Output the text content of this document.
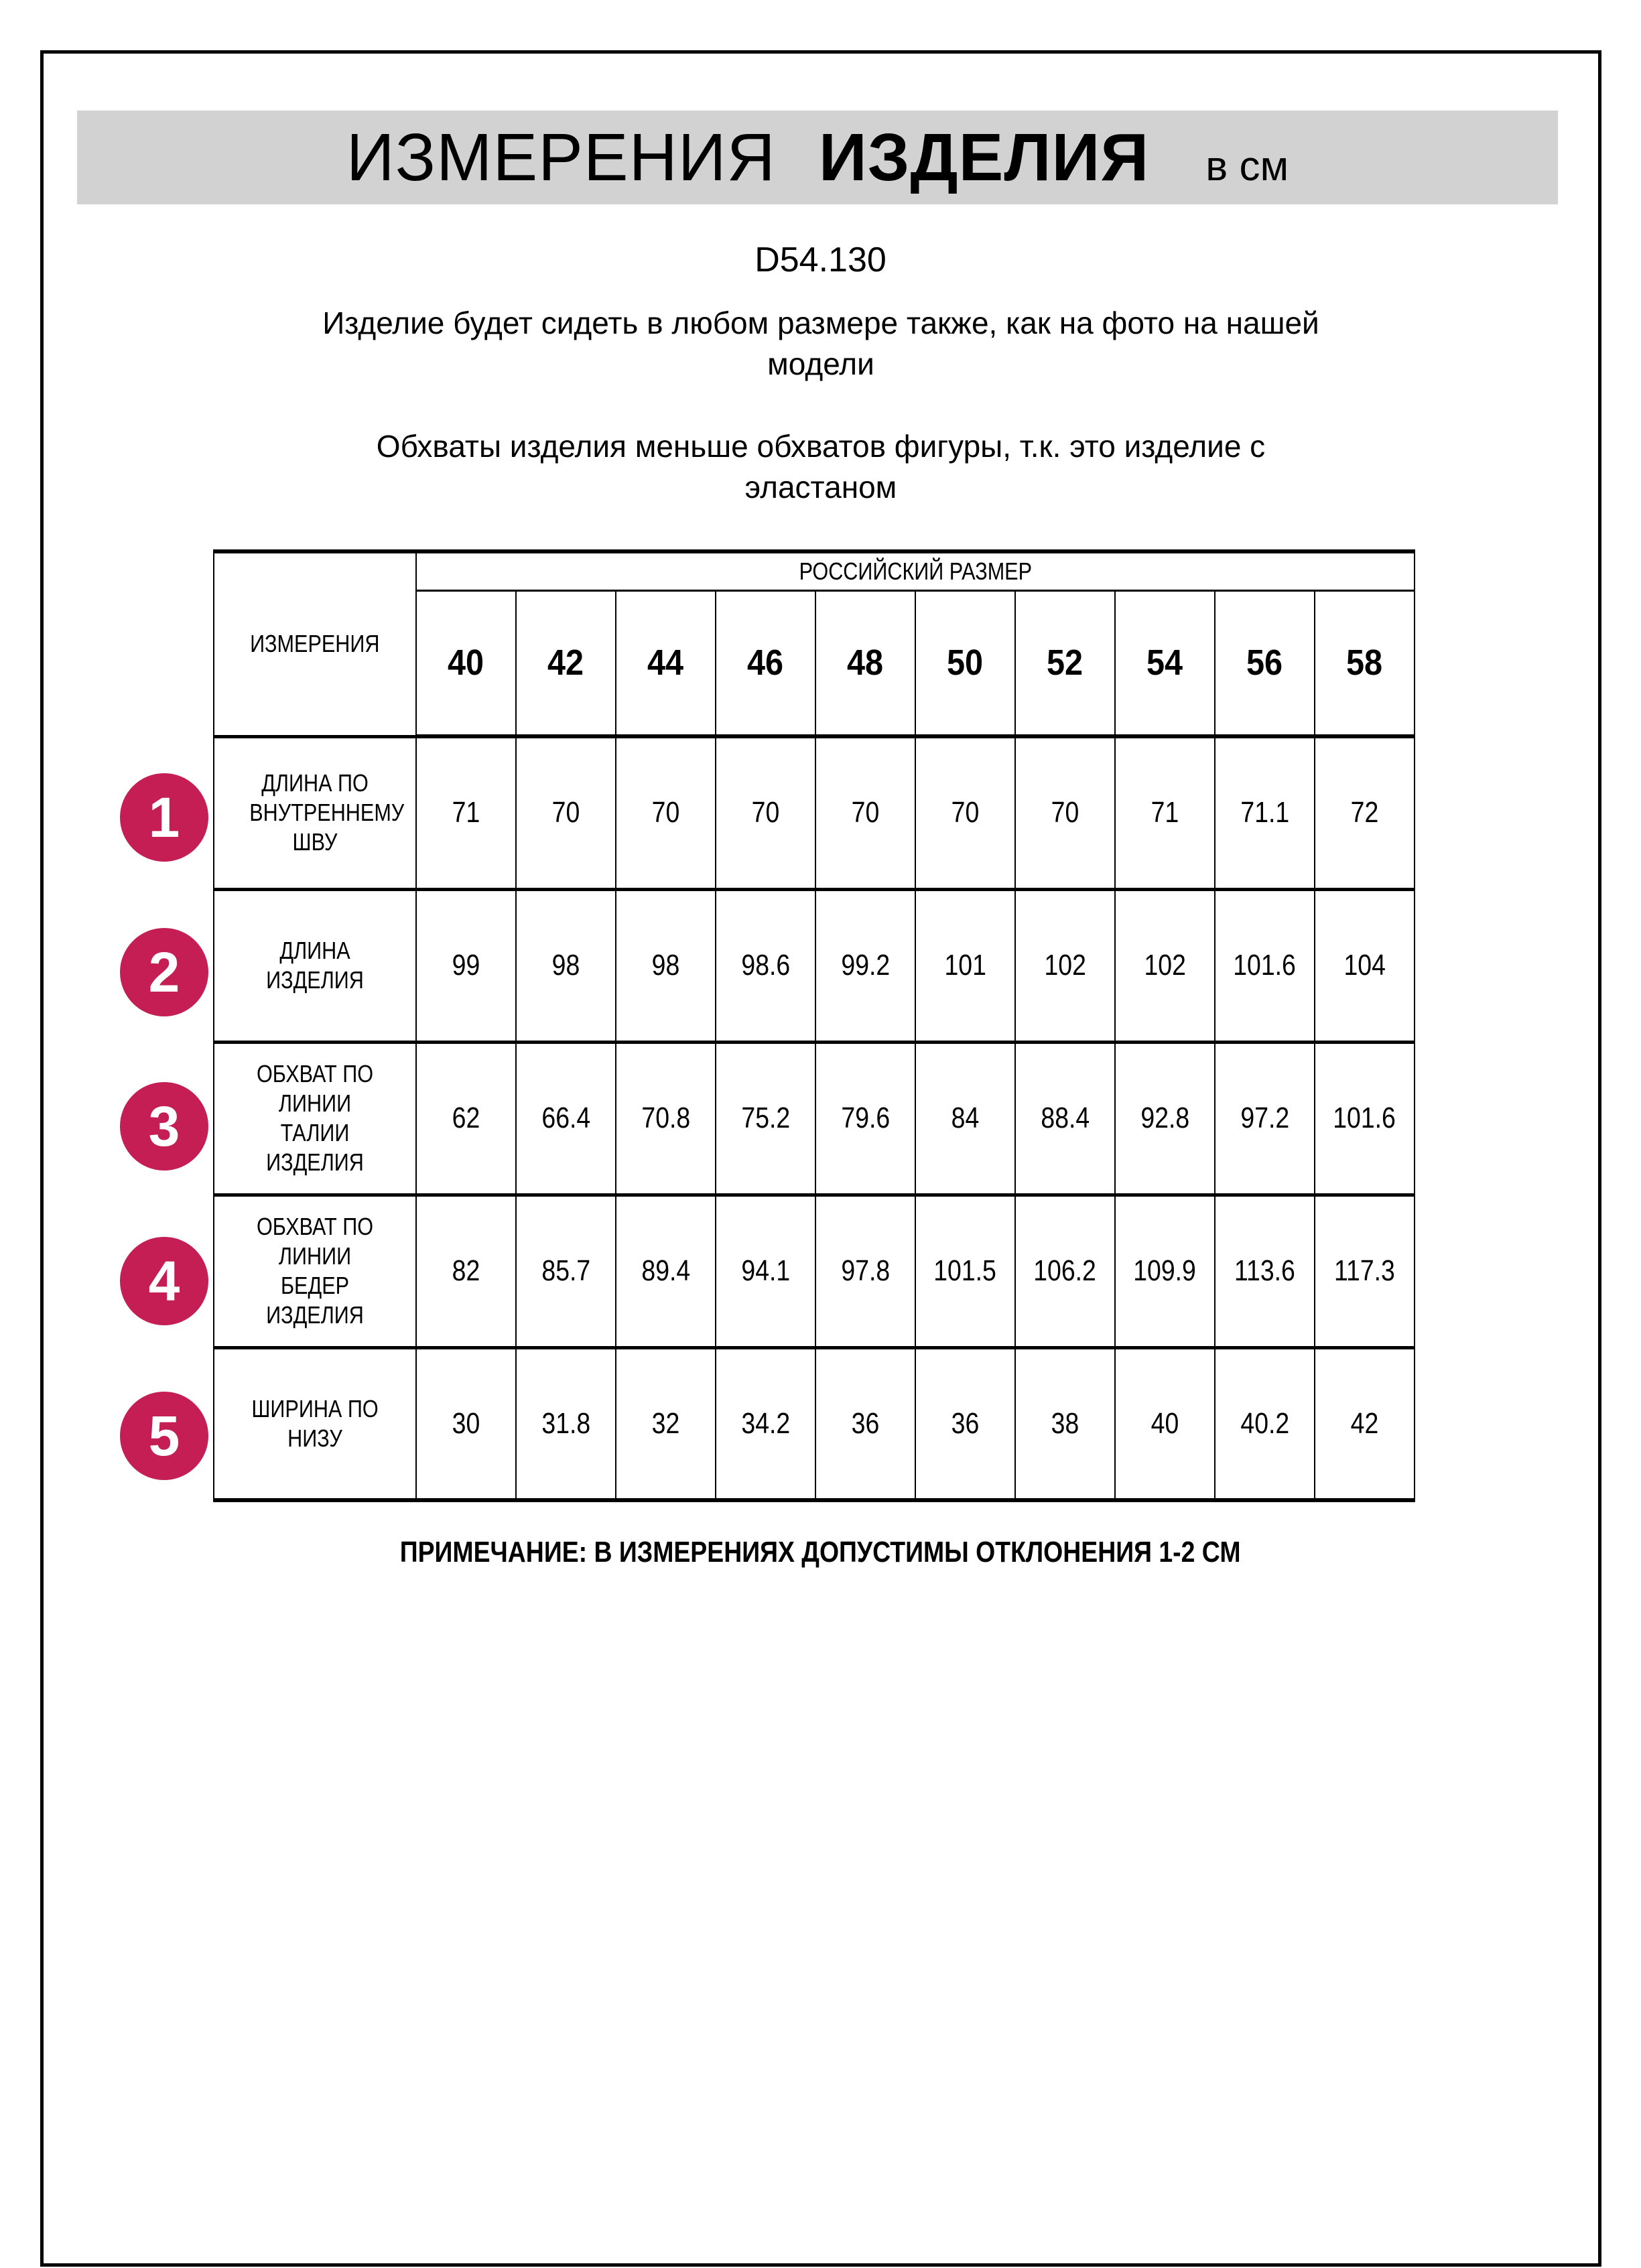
ИЗМЕРЕНИЯ ИЗДЕЛИЯ в см
D54.130
Изделие будет сидеть в любом размере также, как на фото на нашей
модели
Обхваты изделия меньше обхватов фигуры, т.к. это изделие с
эластаном
ИЗМЕРЕНИЯ	РОССИЙСКИЙ РАЗМЕР									
	40	42	44	46	48	50	52	54	56	58
ДЛИНА ПО ВНУТРЕННЕМУ ШВУ	71	70	70	70	70	70	70	71	71.1	72
ДЛИНА ИЗДЕЛИЯ	99	98	98	98.6	99.2	101	102	102	101.6	104
ОБХВАТ ПО ЛИНИИ ТАЛИИ ИЗДЕЛИЯ	62	66.4	70.8	75.2	79.6	84	88.4	92.8	97.2	101.6
ОБХВАТ ПО ЛИНИИ БЕДЕР ИЗДЕЛИЯ	82	85.7	89.4	94.1	97.8	101.5	106.2	109.9	113.6	117.3
ШИРИНА ПО НИЗУ	30	31.8	32	34.2	36	36	38	40	40.2	42
1
2
3
4
5
ПРИМЕЧАНИЕ: В ИЗМЕРЕНИЯХ ДОПУСТИМЫ ОТКЛОНЕНИЯ 1-2 СМ
